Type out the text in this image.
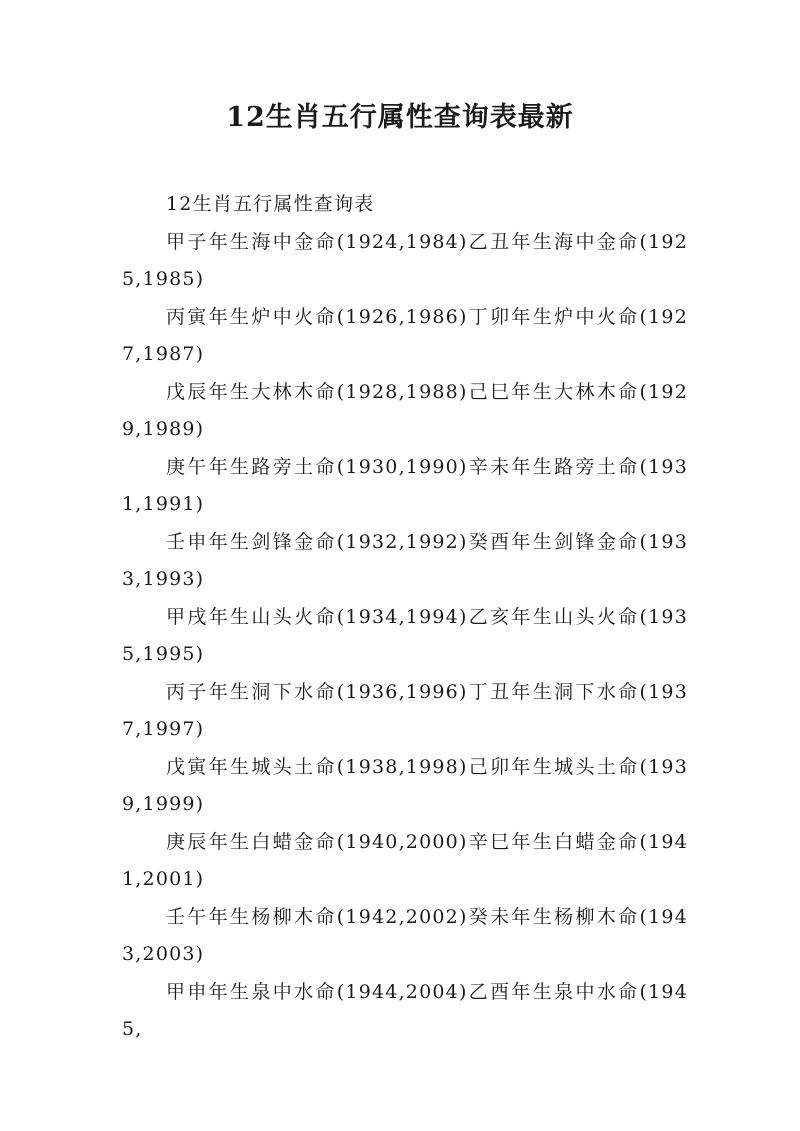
12生肖五行属性查询表最新

12生肖五行属性查询表

甲子年生海中金命(1924,1984)乙丑年生海中金命(1925,1985)

丙寅年生炉中火命(1926,1986)丁卯年生炉中火命(1927,1987)

戊辰年生大林木命(1928,1988)己巳年生大林木命(1929,1989)

庚午年生路旁土命(1930,1990)辛未年生路旁土命(1931,1991)

壬申年生剑锋金命(1932,1992)癸酉年生剑锋金命(1933,1993)

甲戌年生山头火命(1934,1994)乙亥年生山头火命(1935,1995)

丙子年生洞下水命(1936,1996)丁丑年生洞下水命(1937,1997)

戊寅年生城头土命(1938,1998)己卯年生城头土命(1939,1999)

庚辰年生白蜡金命(1940,2000)辛巳年生白蜡金命(1941,2001)

壬午年生杨柳木命(1942,2002)癸未年生杨柳木命(1943,2003)

甲申年生泉中水命(1944,2004)乙酉年生泉中水命(1945,
